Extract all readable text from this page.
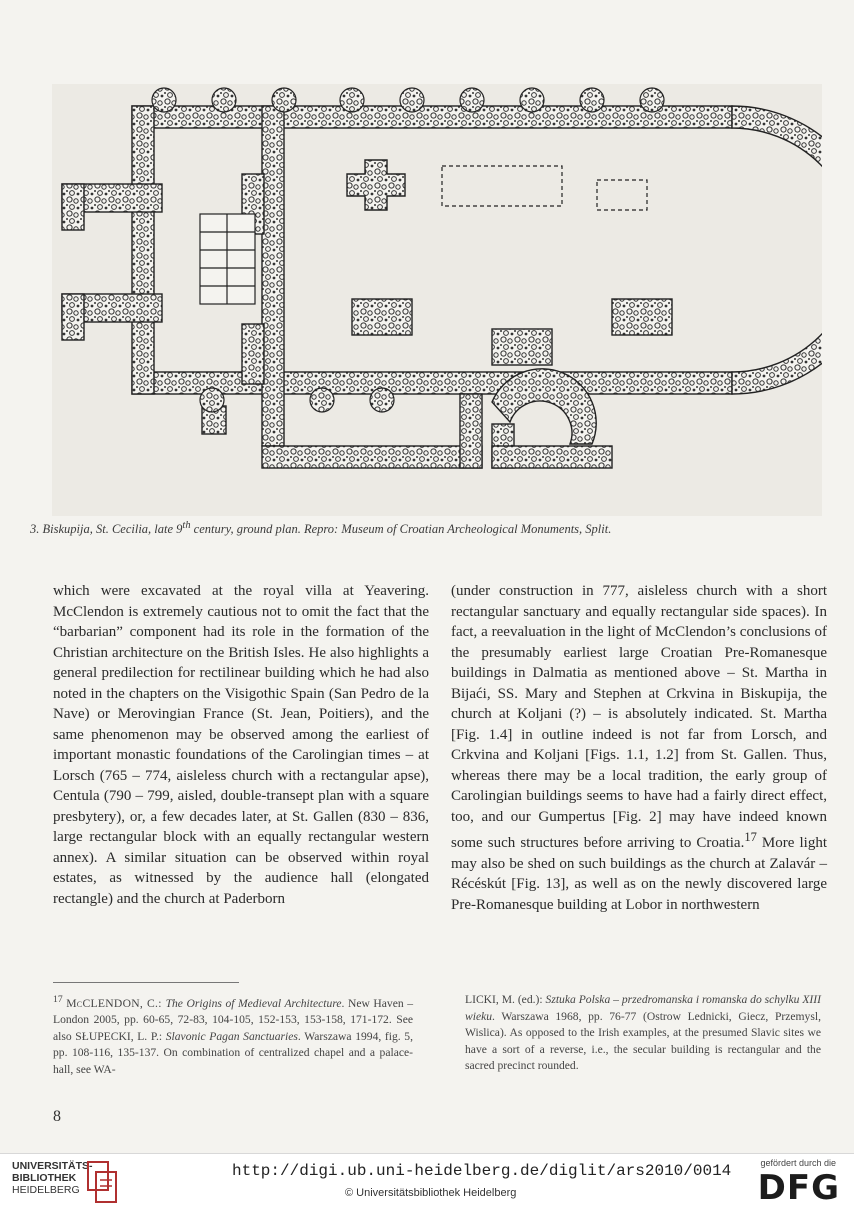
3. Biskupija, St. Cecilia, late 9th century, ground plan. Repro: Museum of Croatian Archeological Monuments, Split.

which were excavated at the royal villa at Yeavering. McClendon is extremely cautious not to omit the fact that the “barbarian” component had its role in the formation of the Christian architecture on the British Isles. He also highlights a general predilection for rectilinear building which he had also noted in the chapters on the Visigothic Spain (San Pedro de la Nave) or Merovingian France (St. Jean, Poitiers), and the same phenomenon may be observed among the earliest of important monastic foundations of the Carolingian times – at Lorsch (765 – 774, aisleless church with a rectangular apse), Centula (790 – 799, aisled, double-transept plan with a square presbytery), or, a few decades later, at St. Gallen (830 – 836, large rectangular block with an equally rectangular western annex). A similar situation can be observed within royal estates, as witnessed by the audience hall (elongated rectangle) and the church at Paderborn

(under construction in 777, aisleless church with a short rectangular sanctuary and equally rectangular side spaces). In fact, a reevaluation in the light of McClendon’s conclusions of the presumably earliest large Croatian Pre-Romanesque buildings in Dalmatia as mentioned above – St. Martha in Bijaći, SS. Mary and Stephen at Crkvina in Biskupija, the church at Koljani (?) – is absolutely indicated. St. Martha [Fig. 1.4] in outline indeed is not far from Lorsch, and Crkvina and Koljani [Figs. 1.1, 1.2] from St. Gallen. Thus, whereas there may be a local tradition, the early group of Carolingian buildings seems to have had a fairly direct effect, too, and our Gumpertus [Fig. 2] may have indeed known some such structures before arriving to Croatia.$^{17}$ More light may also be shed on such buildings as the church at Zalavár – Récéskút [Fig. 13], as well as on the newly discovered large Pre-Romanesque building at Lobor in northwestern

$^{17}$ McCLENDON, C.: The Origins of Medieval Architecture. New Haven – London 2005, pp. 60-65, 72-83, 104-105, 152-153, 153-158, 171-172. See also SŁUPECKI, L. P.: Slavonic Pagan Sanctuaries. Warszawa 1994, fig. 5, pp. 108-116, 135-137. On combination of centralized chapel and a palace-hall, see WA-

LICKI, M. (ed.): Sztuka Polska – przedromanska i romanska do schylku XIII wieku. Warszawa 1968, pp. 76-77 (Ostrow Lednicki, Giecz, Przemysl, Wislica). As opposed to the Irish examples, at the presumed Slavic sites we have a sort of a reverse, i.e., the secular building is rectangular and the sacred precinct rounded.

8
UNIVERSITÄTS-
BIBLIOTHEK
HEIDELBERG
http://digi.ub.uni-heidelberg.de/diglit/ars2010/0014
© Universitätsbibliothek Heidelberg
gefördert durch die
DFG
